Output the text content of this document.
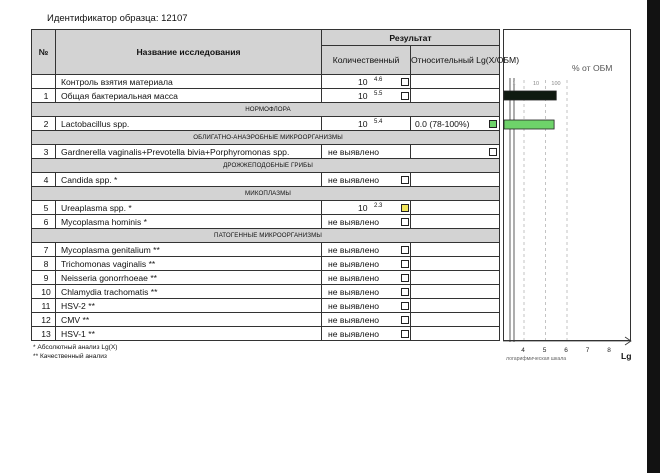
Идентификатор образца: 12107
№	Название исследования	Результат	
		Количественный	Относительный Lg(X/OБМ)
	Контроль взятия материала	10 4.6	

1	Общая бактериальная масса	10 5.5	

НОРМОФЛОРА			
2	Lactobacillus spp.	10 5.4	0.0 (78-100%)

ОБЛИГАТНО-АНАЭРОБНЫЕ МИКРООРГАНИЗМЫ			
3	Gardnerella vaginalis+Prevotella bivia+Porphyromonas spp.	не выявлено	

ДРОЖЖЕПОДОБНЫЕ ГРИБЫ			
4	Candida spp. *	не выявлено	

МИКОПЛАЗМЫ			
5	Ureaplasma spp. *	10 2.3	

6	Mycoplasma hominis *	не выявлено	

ПАТОГЕННЫЕ МИКРООРГАНИЗМЫ			
7	Mycoplasma genitalium **	не выявлено	

8	Trichomonas vaginalis **	не выявлено	

9	Neisseria gonorrhoeae **	не выявлено	

10	Chlamydia trachomatis **	не выявлено	

11	HSV-2 **	не выявлено	

12	CMV **	не выявлено	

13	HSV-1 **	не выявлено	

* Абсолютный анализ Lg(X)
** Качественный анализ
1	10 100
% от ОБМ
4	5	6	7	8
логарифмическая шкала	Lg
